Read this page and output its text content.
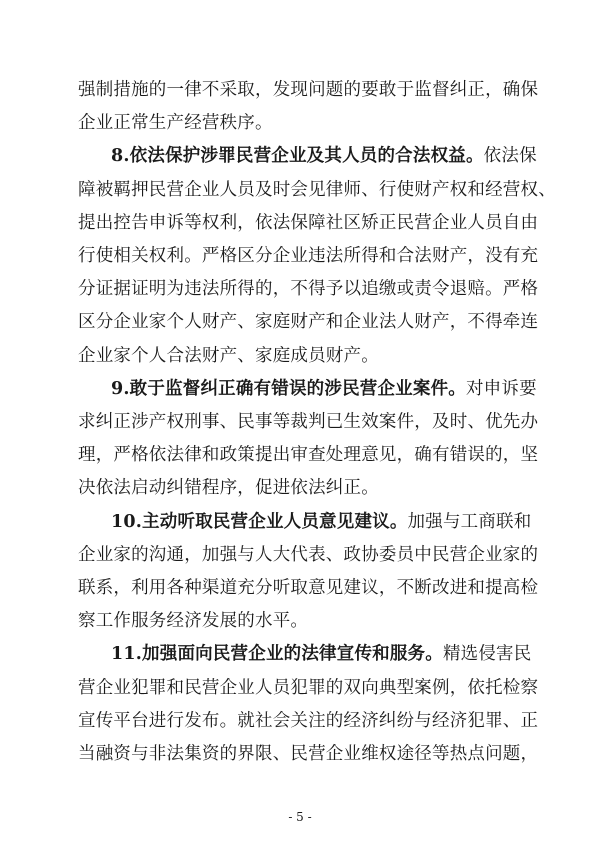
强制措施的一律不采取，发现问题的要敢于监督纠正，确保
企业正常生产经营秩序。
8.依法保护涉罪民营企业及其人员的合法权益。依法保
障被羁押民营企业人员及时会见律师、行使财产权和经营权、
提出控告申诉等权利，依法保障社区矫正民营企业人员自由
行使相关权利。严格区分企业违法所得和合法财产，没有充
分证据证明为违法所得的，不得予以追缴或责令退赔。严格
区分企业家个人财产、家庭财产和企业法人财产，不得牵连
企业家个人合法财产、家庭成员财产。
9.敢于监督纠正确有错误的涉民营企业案件。对申诉要
求纠正涉产权刑事、民事等裁判已生效案件，及时、优先办
理，严格依法律和政策提出审查处理意见，确有错误的，坚
决依法启动纠错程序，促进依法纠正。
10.主动听取民营企业人员意见建议。加强与工商联和
企业家的沟通，加强与人大代表、政协委员中民营企业家的
联系，利用各种渠道充分听取意见建议，不断改进和提高检
察工作服务经济发展的水平。
11.加强面向民营企业的法律宣传和服务。精选侵害民
营企业犯罪和民营企业人员犯罪的双向典型案例，依托检察
宣传平台进行发布。就社会关注的经济纠纷与经济犯罪、正
当融资与非法集资的界限、民营企业维权途径等热点问题，
- 5 -
